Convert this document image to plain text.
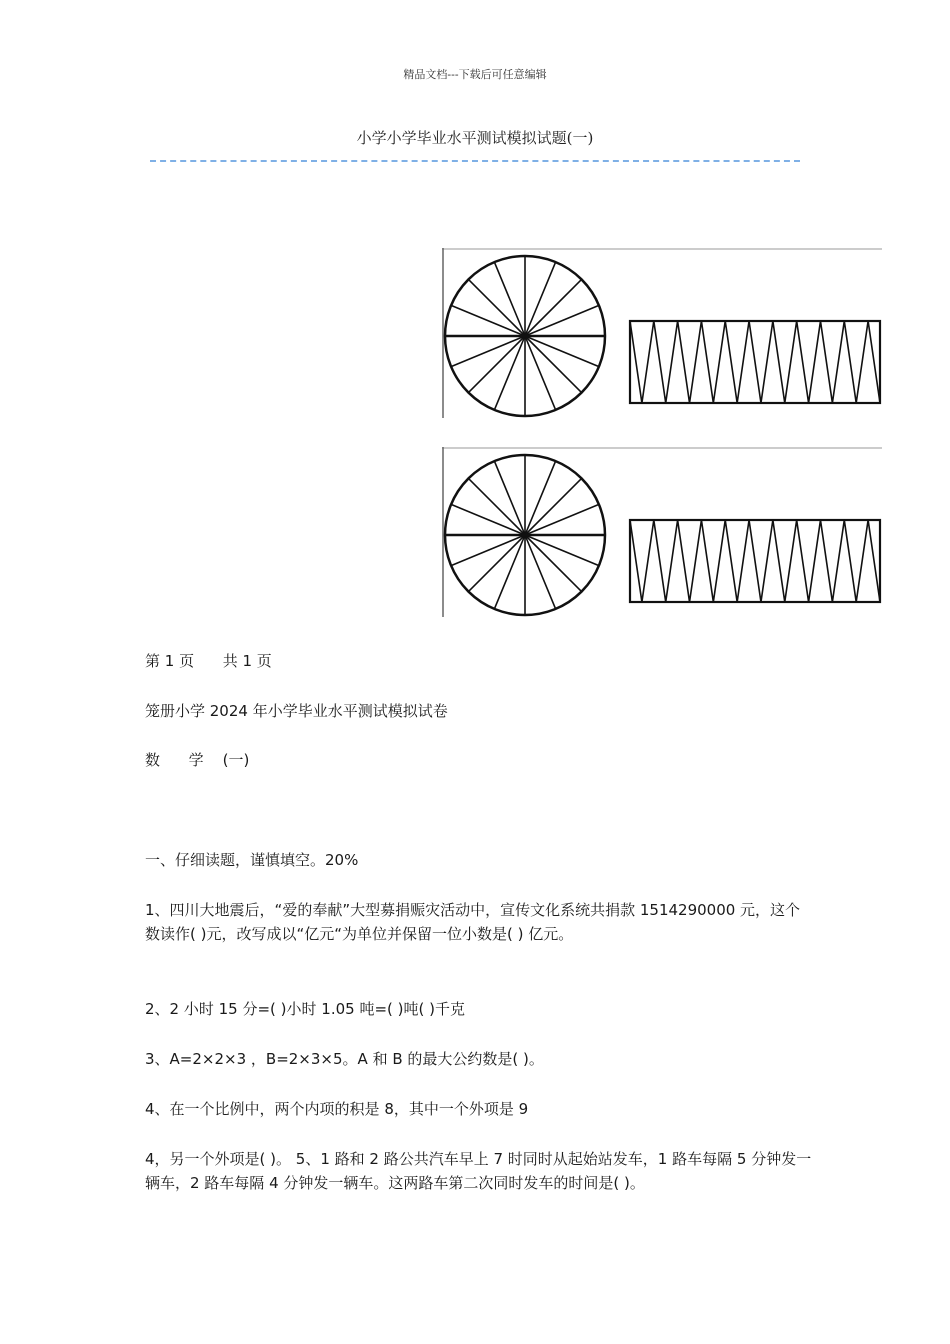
精品文档---下载后可任意编辑
小学小学毕业水平测试模拟试题(一)
第 1 页      共 1 页
笼册小学 2024 年小学毕业水平测试模拟试卷
数      学    (一)
一、仔细读题，谨慎填空。20%
1、四川大地震后，“爱的奉献”大型募捐赈灾活动中，宣传文化系统共捐款 1514290000 元，这个数读作( )元，改写成以“亿元“为单位并保留一位小数是( ) 亿元。
2、2 小时 15 分=( )小时 1.05 吨=( )吨( )千克
3、A=2×2×3 ，B=2×3×5。A 和 B 的最大公约数是( )。
4、在一个比例中，两个内项的积是 8，其中一个外项是 9
4，另一个外项是( )。 5、1 路和 2 路公共汽车早上 7 时同时从起始站发车，1 路车每隔 5 分钟发一辆车，2 路车每隔 4 分钟发一辆车。这两路车第二次同时发车的时间是( )。
